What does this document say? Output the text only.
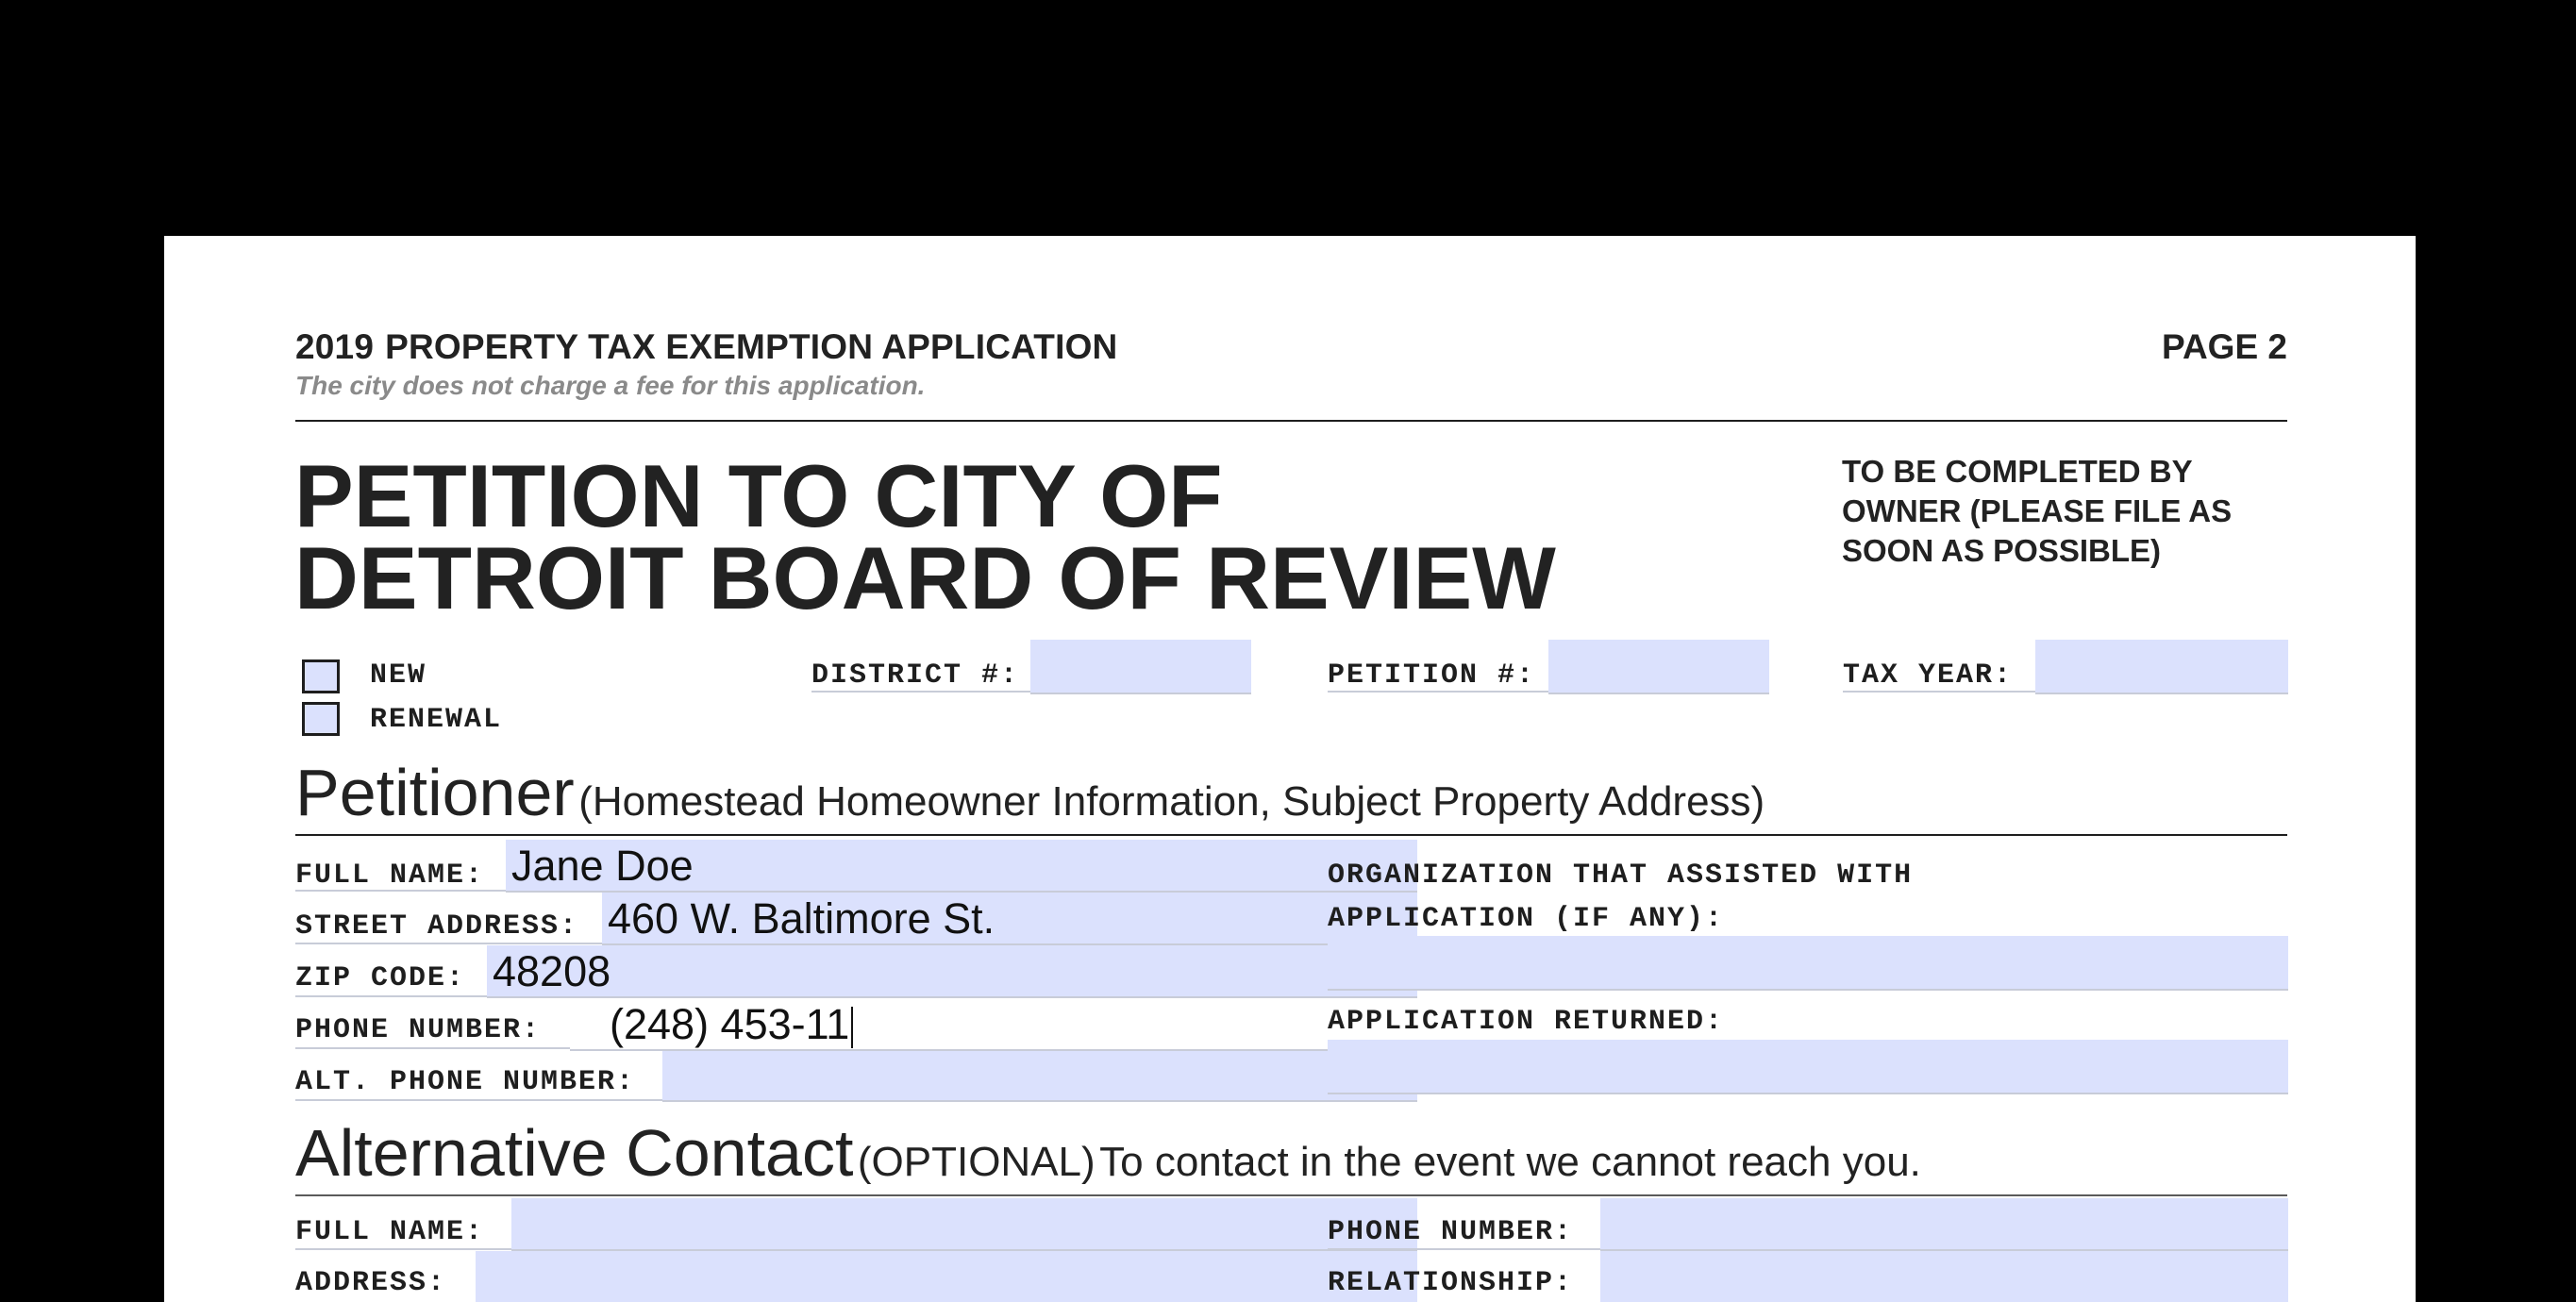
2019 PROPERTY TAX EXEMPTION APPLICATION
The city does not charge a fee for this application.
PAGE 2
PETITION TO CITY OF
DETROIT BOARD OF REVIEW
TO BE COMPLETED BY OWNER (PLEASE FILE AS SOON AS POSSIBLE)
NEW
RENEWAL
DISTRICT #:	PETITION #:	TAX YEAR:
Petitioner (Homestead Homeowner Information, Subject Property Address)
FULL NAME: Jane Doe
STREET ADDRESS: 460 W. Baltimore St.
ZIP CODE: 48208
PHONE NUMBER: (248) 453-11
ALT. PHONE NUMBER:
ORGANIZATION THAT ASSISTED WITH
APPLICATION (IF ANY):
APPLICATION RETURNED:
Alternative Contact (OPTIONAL) To contact in the event we cannot reach you.
FULL NAME:
ADDRESS:
PHONE NUMBER:
RELATIONSHIP:
